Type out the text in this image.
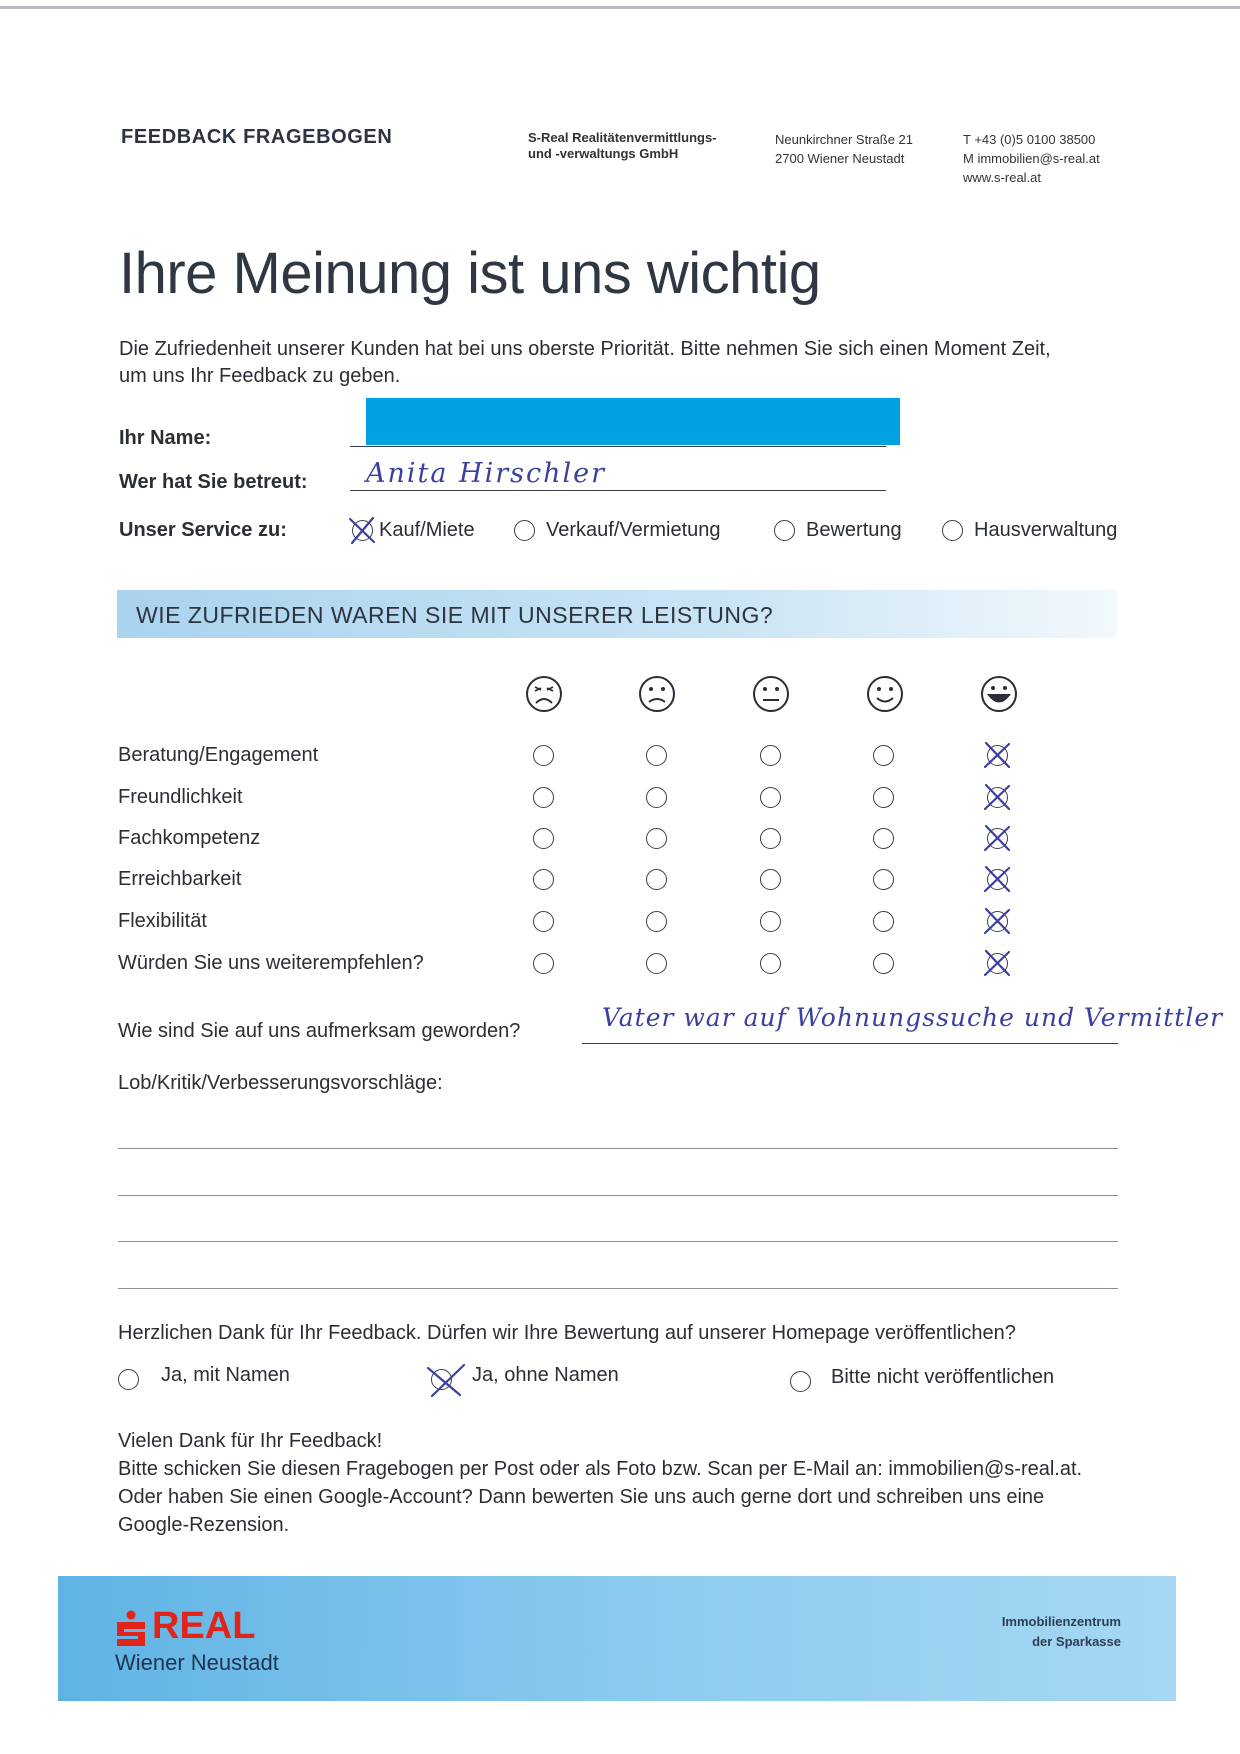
FEEDBACK FRAGEBOGEN	S-Real Realitätenvermittlungs-
und -verwaltungs GmbH
Neunkirchner Straße 21
2700 Wiener Neustadt
T +43 (0)5 0100 38500
M immobilien@s-real.at
www.s-real.at
Ihre Meinung ist uns wichtig
Die Zufriedenheit unserer Kunden hat bei uns oberste Priorität. Bitte nehmen Sie sich einen Moment Zeit,
um uns Ihr Feedback zu geben.
Ihr Name:
Wer hat Sie betreut: Anita Hirschler
Unser Service zu:	Kauf/Miete	Verkauf/Vermietung	Bewertung	Hausverwaltung
WIE ZUFRIEDEN WAREN SIE MIT UNSERER LEISTUNG?
Beratung/Engagement
Freundlichkeit
Fachkompetenz
Erreichbarkeit
Flexibilität
Würden Sie uns weiterempfehlen?
Wie sind Sie auf uns aufmerksam geworden?	Vater war auf Wohnungssuche und Vermittler
Lob/Kritik/Verbesserungsvorschläge:
Herzlichen Dank für Ihr Feedback. Dürfen wir Ihre Bewertung auf unserer Homepage veröffentlichen?
Ja, mit Namen	Ja, ohne Namen	Bitte nicht veröffentlichen
Vielen Dank für Ihr Feedback!
Bitte schicken Sie diesen Fragebogen per Post oder als Foto bzw. Scan per E-Mail an: immobilien@s-real.at.
Oder haben Sie einen Google-Account? Dann bewerten Sie uns auch gerne dort und schreiben uns eine
Google-Rezension.
REAL
Wiener Neustadt
Immobilienzentrum
der Sparkasse
